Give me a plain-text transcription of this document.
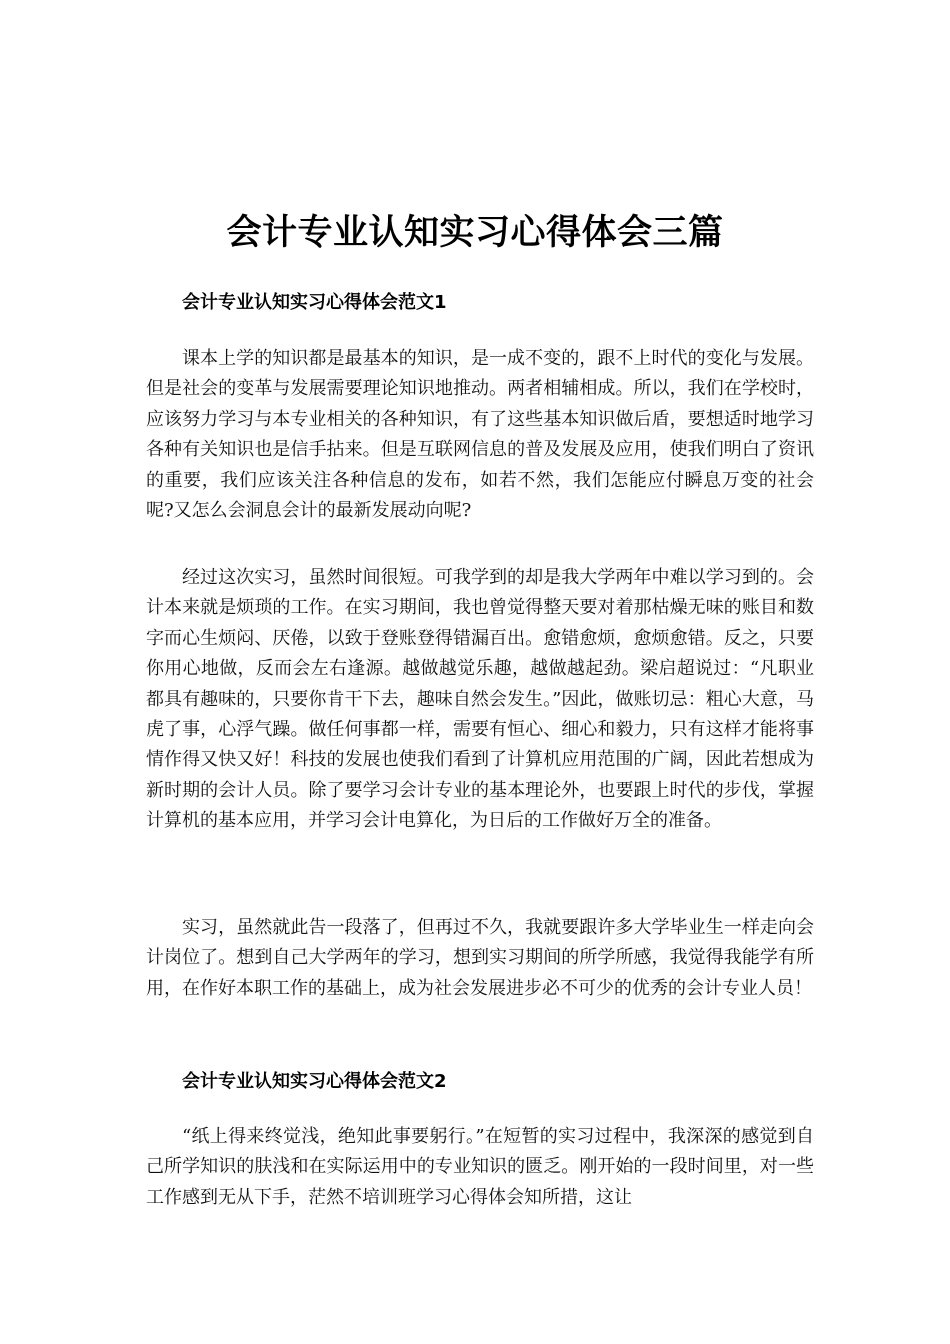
会计专业认知实习心得体会三篇
会计专业认知实习心得体会范文1

课本上学的知识都是最基本的知识，是一成不变的，跟不上时代的变化与发展。但是社会的变革与发展需要理论知识地推动。两者相辅相成。所以，我们在学校时，应该努力学习与本专业相关的各种知识，有了这些基本知识做后盾，要想适时地学习各种有关知识也是信手拈来。但是互联网信息的普及发展及应用，使我们明白了资讯的重要，我们应该关注各种信息的发布，如若不然，我们怎能应付瞬息万变的社会呢?又怎么会洞息会计的最新发展动向呢?

经过这次实习，虽然时间很短。可我学到的却是我大学两年中难以学习到的。会计本来就是烦琐的工作。在实习期间，我也曾觉得整天要对着那枯燥无味的账目和数字而心生烦闷、厌倦，以致于登账登得错漏百出。愈错愈烦，愈烦愈错。反之，只要你用心地做，反而会左右逢源。越做越觉乐趣，越做越起劲。梁启超说过：“凡职业都具有趣味的，只要你肯干下去，趣味自然会发生。”因此，做账切忌：粗心大意，马虎了事，心浮气躁。做任何事都一样，需要有恒心、细心和毅力，只有这样才能将事情作得又快又好！科技的发展也使我们看到了计算机应用范围的广阔，因此若想成为新时期的会计人员。除了要学习会计专业的基本理论外，也要跟上时代的步伐，掌握计算机的基本应用，并学习会计电算化，为日后的工作做好万全的准备。

实习，虽然就此告一段落了，但再过不久，我就要跟许多大学毕业生一样走向会计岗位了。想到自己大学两年的学习，想到实习期间的所学所感，我觉得我能学有所用，在作好本职工作的基础上，成为社会发展进步必不可少的优秀的会计专业人员！

会计专业认知实习心得体会范文2

“纸上得来终觉浅，绝知此事要躬行。”在短暂的实习过程中，我深深的感觉到自己所学知识的肤浅和在实际运用中的专业知识的匮乏。刚开始的一段时间里，对一些工作感到无从下手，茫然不培训班学习心得体会知所措，这让
